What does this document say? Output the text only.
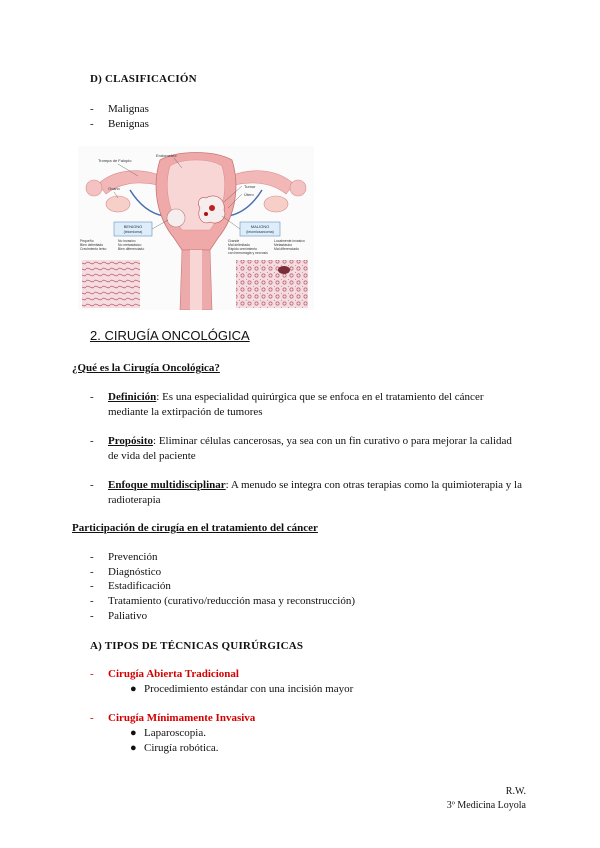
D) CLASIFICACIÓN
- Malignas
- Benignas
Endometrio
Trompa de Falopio
Ovario	Tumor
Útero
BENIGNO
(leiomioma)
MALIGNO
(leiomiosarcoma)
Pequeño
Bien delimitado
Crecimiento lento
No invasivo
No metastásico
Bien diferenciado
Grande
Mal delimitado
Rápido crecimiento
con hemorragia y necrosis
Localmente invasivo
Metastásico
Mal diferenciado
2. CIRUGÍA ONCOLÓGICA
¿Qué es la Cirugía Oncológica?
- Definición: Es una especialidad quirúrgica que se enfoca en el tratamiento del cáncer
mediante la extirpación de tumores
- Propósito: Eliminar células cancerosas, ya sea con un fin curativo o para mejorar la calidad
de vida del paciente
- Enfoque multidisciplinar: A menudo se integra con otras terapias como la quimioterapia y la
radioterapia
Participación de cirugía en el tratamiento del cáncer
- Prevención
- Diagnóstico
- Estadificación
- Tratamiento (curativo/reducción masa y reconstrucción)
- Paliativo
A) TIPOS DE TÉCNICAS QUIRÚRGICAS
- Cirugía Abierta Tradicional
● Procedimiento estándar con una incisión mayor
- Cirugía Mínimamente Invasiva
● Laparoscopia.
● Cirugía robótica.
R.W.
3º Medicina Loyola
